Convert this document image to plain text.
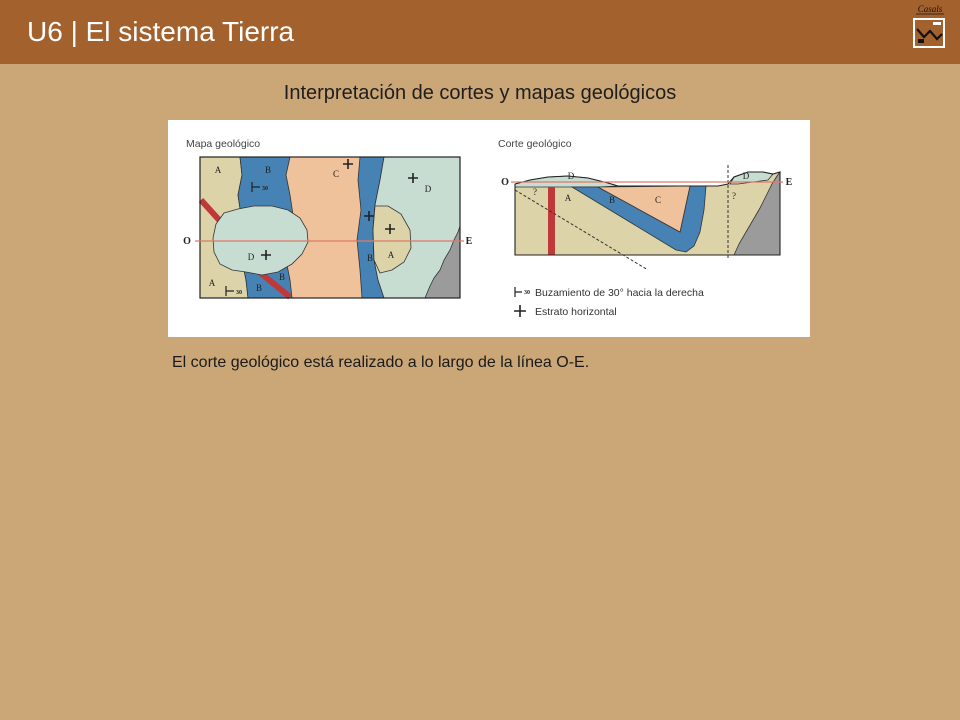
U6 | El sistema Tierra
Casals
Interpretación de cortes y mapas geológicos
Mapa geológico
O	E
A	B	C
D
B A
D
A	B
B
30
30
Corte geológico
O	E
D
A	B	C
D
?	?
30 Buzamiento de 30° hacia la derecha
Estrato horizontal
El corte geológico está realizado a lo largo de la línea O-E.
